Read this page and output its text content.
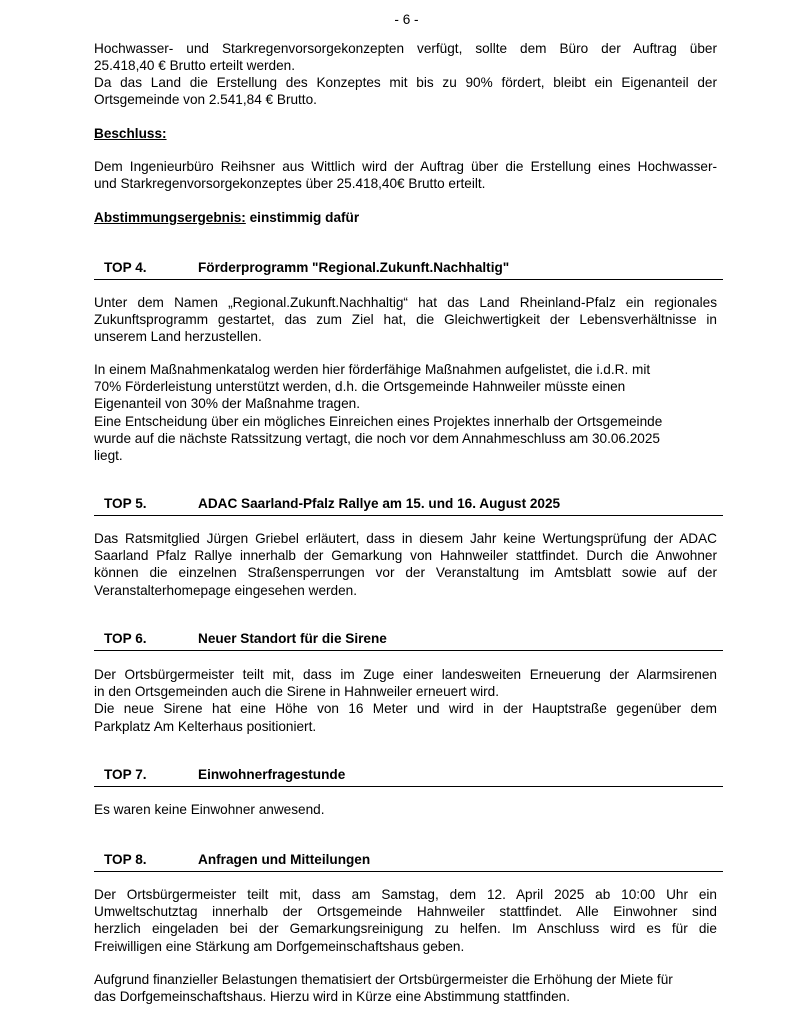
- 6 -
Hochwasser- und Starkregenvorsorgekonzepten verfügt, sollte dem Büro der Auftrag über
25.418,40 € Brutto erteilt werden.
Da das Land die Erstellung des Konzeptes mit bis zu 90% fördert, bleibt ein Eigenanteil der
Ortsgemeinde von 2.541,84 € Brutto.
Beschluss:
Dem Ingenieurbüro Reihsner aus Wittlich wird der Auftrag über die Erstellung eines Hochwasser-
und Starkregenvorsorgekonzeptes über 25.418,40€ Brutto erteilt.
Abstimmungsergebnis: einstimmig dafür
TOP 4.	Förderprogramm "Regional.Zukunft.Nachhaltig"
Unter dem Namen „Regional.Zukunft.Nachhaltig“ hat das Land Rheinland-Pfalz ein regionales
Zukunftsprogramm gestartet, das zum Ziel hat, die Gleichwertigkeit der Lebensverhältnisse in
unserem Land herzustellen.
In einem Maßnahmenkatalog werden hier förderfähige Maßnahmen aufgelistet, die i.d.R. mit
70% Förderleistung unterstützt werden, d.h. die Ortsgemeinde Hahnweiler müsste einen
Eigenanteil von 30% der Maßnahme tragen.
Eine Entscheidung über ein mögliches Einreichen eines Projektes innerhalb der Ortsgemeinde
wurde auf die nächste Ratssitzung vertagt, die noch vor dem Annahmeschluss am 30.06.2025
liegt.
TOP 5.	ADAC Saarland-Pfalz Rallye am 15. und 16. August 2025
Das Ratsmitglied Jürgen Griebel erläutert, dass in diesem Jahr keine Wertungsprüfung der ADAC
Saarland Pfalz Rallye innerhalb der Gemarkung von Hahnweiler stattfindet. Durch die Anwohner
können die einzelnen Straßensperrungen vor der Veranstaltung im Amtsblatt sowie auf der
Veranstalterhomepage eingesehen werden.
TOP 6.	Neuer Standort für die Sirene
Der Ortsbürgermeister teilt mit, dass im Zuge einer landesweiten Erneuerung der Alarmsirenen
in den Ortsgemeinden auch die Sirene in Hahnweiler erneuert wird.
Die neue Sirene hat eine Höhe von 16 Meter und wird in der Hauptstraße gegenüber dem
Parkplatz Am Kelterhaus positioniert.
TOP 7.	Einwohnerfragestunde
Es waren keine Einwohner anwesend.
TOP 8.	Anfragen und Mitteilungen
Der Ortsbürgermeister teilt mit, dass am Samstag, dem 12. April 2025 ab 10:00 Uhr ein
Umweltschutztag innerhalb der Ortsgemeinde Hahnweiler stattfindet. Alle Einwohner sind
herzlich eingeladen bei der Gemarkungsreinigung zu helfen. Im Anschluss wird es für die
Freiwilligen eine Stärkung am Dorfgemeinschaftshaus geben.
Aufgrund finanzieller Belastungen thematisiert der Ortsbürgermeister die Erhöhung der Miete für
das Dorfgemeinschaftshaus. Hierzu wird in Kürze eine Abstimmung stattfinden.
